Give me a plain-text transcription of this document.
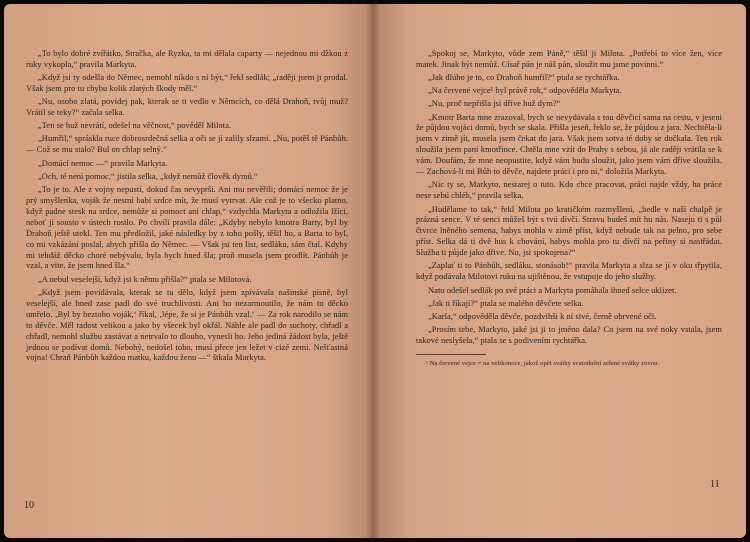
„To bylo dobré zvířátko, Stračka, ale Ryzka, ta mi dělala caparty — nejednou mi džkou z ruky vykopla,“ pravila Markyta.

„Když jsi ty odešla do Němec, nemohl nikdo s ní být,“ řekl sedlák; „raději jsem ji prodal. Však jsem pro tu chybu kolik zlatých škody měl.“

„Nu, osobo zlatá, povídej pak, kterak se ti vedlo v Němcích, co dělá Drahoň, tvůj muž? Vrátil se teky?“ začala selka.

„Ten se huž nevrátí, odešel na věčnost,“ pověděl Milota.

„Humřil,“ spráskla ruce dobrosrdečná selka a oči se jí zalily slzami. „Nu, potěš tě Pánbůh. — Což se mu stalo? Bul on chlap selný.“

„Domácí nemoc —“ pravila Markyta.

„Och, té není pomoc,“ jistila selka, „když nemůž člověk dymů.“

„To je to. Ale z vojny nepustí, dokud čas nevyprší. Ani mu nevěřili; domácí nemoc že je prý smyšlenka, voják že nesmí babí srdce mít, že musí vytrvat. Ale což je to všecko platno, když padne stesk na srdce, nemůže si pomoct ani chlap,“ vzdychla Markyta a odložila lžíci, neboť jí sousto v ústech rostlo. Po chvíli pravila dále: „Kdyby nebylo kmotra Barty, byl by Drahoň ještě utekl. Ten mu předložil, jaké následky by z toho pošly, těšil ho, a Barta to byl, co mi vzkázání poslal, abych přišla do Němec. — Však jsi ten list, sedláku, sám čtal. Kdyby mi tehdáž děcko choré nebývalo, byla bych hned šla; proň musela jsem prodlít. Pánbůh je vzal, a vite, že jsem hned šla.“

„A nebul veselejší, když jsi k němu přišla?“ ptala se Milotová.

„Když jsem povídávala, kterak se tu dělo, když jsem zpívávala našinské písně, byl veselejší, ale hned zase padl do své truchlivosti. Ani ho nezarmoutilo, že nám to děcko umřelo. ‚Byl by beztoho voják,‘ říkal, ‚lépe, že si je Pánbůh vzal.‘ — Za rok narodilo se nám to děvče. Měl radost velikou a jako by všecek byl okřál. Náhle ale padl do suchoty, chřadl a chřadl, nemohl službu zastávat a netrvalo to dlouho, vynesli ho. Jeho jediná žádost byla, ještě jednou se podívat domů. Nebohý, nedošel toho, musí přece jen ležet v cizé zemi. Nešťastná vojna! Chraň Pánbůh každou matku, každou ženu —“ štkala Markyta.

10

„Spokoj se, Markyto, vůde zem Páně,“ těšil ji Milota. „Potřebí to více žen, více matek. Jinak být nemůž. Císař pán je náš pán, sloužit mu jsme povinni.“

„Jak dlúho je to, co Drahoň humřil?“ ptala se rychtářka.

„Na červené vejce¹ byl právě rok,“ odpověděla Markyta.

„Nu, proč nepřišla jsi dříve huž dym?“

„Kmotr Barta mne zrazoval, bych se nevydávala s tou děvčicí sama na cestu, v jeseni že půjdou vojáci domů, bych se skala. Přišla jeseň, řeklo se, že půjdou z jara. Nechtěla-li jsem v zimě jít, musela jsem čekat do jara. Však jsem sotva té doby se dočkala. Ten rok sloužila jsem paní kmotřince. Chtěla mne vzít do Prahy s sebou, já ale raději vrátila se k vám. Doufám, že mne neopustite, když vám budu sloužit, jako jsem vám dříve sloužila. — Zachová-li mi Bůh to děvče, najdete práci i pro ni,“ doložila Markyta.

„Nic ty se, Markyto, nestarej o tuto. Kdo chce pracovat, práci najde vždy, ha práce nese sebú chléb,“ pravila selka.

„Hudělame to tak,“ řekl Milota po kratičkém rozmyšlení, „bedle v naší chalpě je prázná sence. V té senci můžeš být s tvú dívčí. Stravu budeš mít hu nás. Naseju ti s půl čtvrce lněného semena, habys mohla v zimě příst, když nebude tak na pelno, pro sebe příst. Selka dá ti dvě hus k chování, habys mohla pro tu dívčí na peřiny si nastřádat. Služba ti půjde jako dřive. Nu, jsi spokojena?“

„Zaplať ti to Pánbůh, sedláku, stonásob!“ pravila Markyta a slza se jí v oku třpytila, když podávala Milotovi ruku na ujištěnou, že vstupuje do jeho služby.

Nato odešel sedlák po své práci a Markyta pomáhala ihned selce uklizet.

„Jak ti říkají?“ ptala se malého děvčete selka.

„Karla,“ odpověděla děvče, pozdvihši k ní sivé, černě obrvené oči.

„Prosím tebe, Markyto, jaké jsi ji to jméno dala? Co jsem na své noky vstala, jsem takové neslyšela,“ ptala se s podivením rychtářka.

¹ Na červené vejce = na velikonoce, jakož opět svátky svatodušní zelené svátky zovou.

11
